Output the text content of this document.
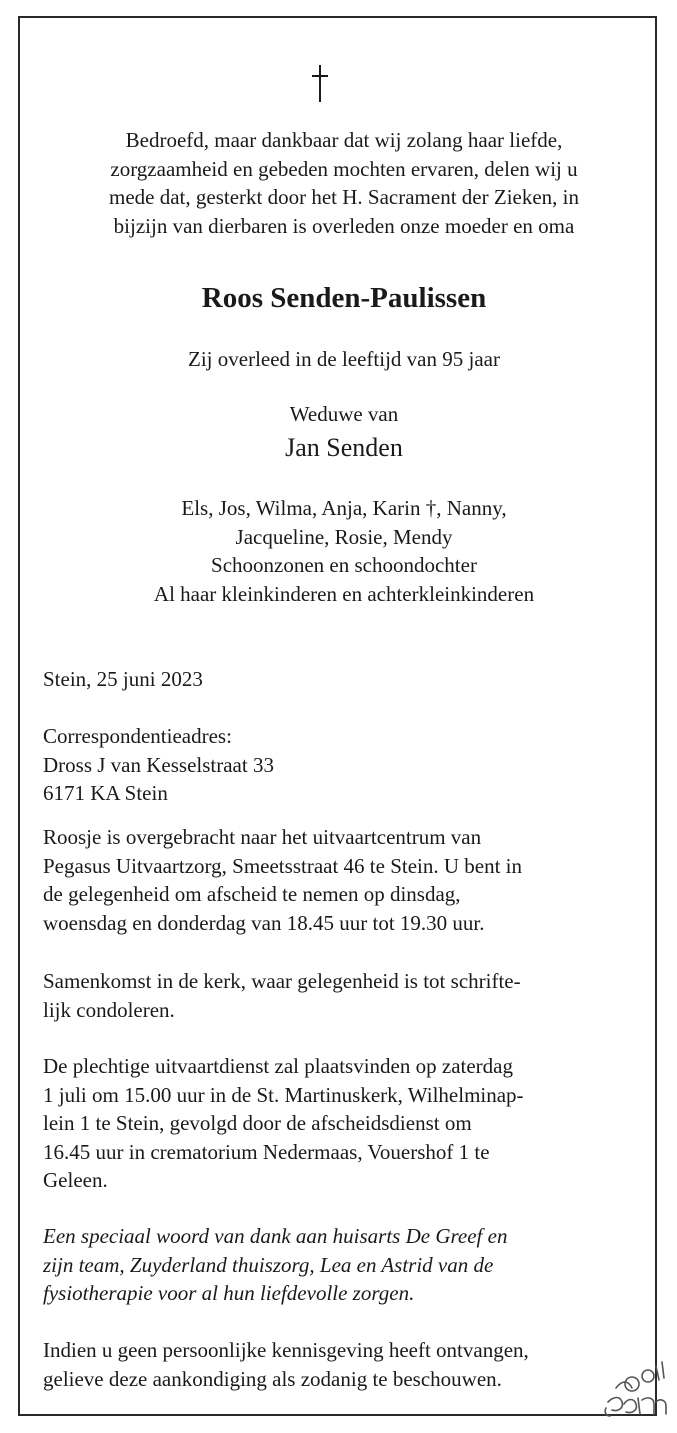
Bedroefd, maar dankbaar dat wij zolang haar liefde,
zorgzaamheid en gebeden mochten ervaren, delen wij u
mede dat, gesterkt door het H. Sacrament der Zieken, in
bijzijn van dierbaren is overleden onze moeder en oma
Roos Senden-Paulissen
Zij overleed in de leeftijd van 95 jaar
Weduwe van
Jan Senden
Els, Jos, Wilma, Anja, Karin †, Nanny,
Jacqueline, Rosie, Mendy
Schoonzonen en schoondochter
Al haar kleinkinderen en achterkleinkinderen
Stein, 25 juni 2023
Correspondentieadres:
Dross J van Kesselstraat 33
6171 KA Stein
Roosje is overgebracht naar het uitvaartcentrum van
Pegasus Uitvaartzorg, Smeetsstraat 46 te Stein. U bent in
de gelegenheid om afscheid te nemen op dinsdag,
woensdag en donderdag van 18.45 uur tot 19.30 uur.
Samenkomst in de kerk, waar gelegenheid is tot schrifte-
lijk condoleren.
De plechtige uitvaartdienst zal plaatsvinden op zaterdag
1 juli om 15.00 uur in de St. Martinuskerk, Wilhelminap-
lein 1 te Stein, gevolgd door de afscheidsdienst om
16.45 uur in crematorium Nedermaas, Vouershof 1 te
Geleen.
Een speciaal woord van dank aan huisarts De Greef en
zijn team, Zuyderland thuiszorg, Lea en Astrid van de
fysiotherapie voor al hun liefdevolle zorgen.
Indien u geen persoonlijke kennisgeving heeft ontvangen,
gelieve deze aankondiging als zodanig te beschouwen.
